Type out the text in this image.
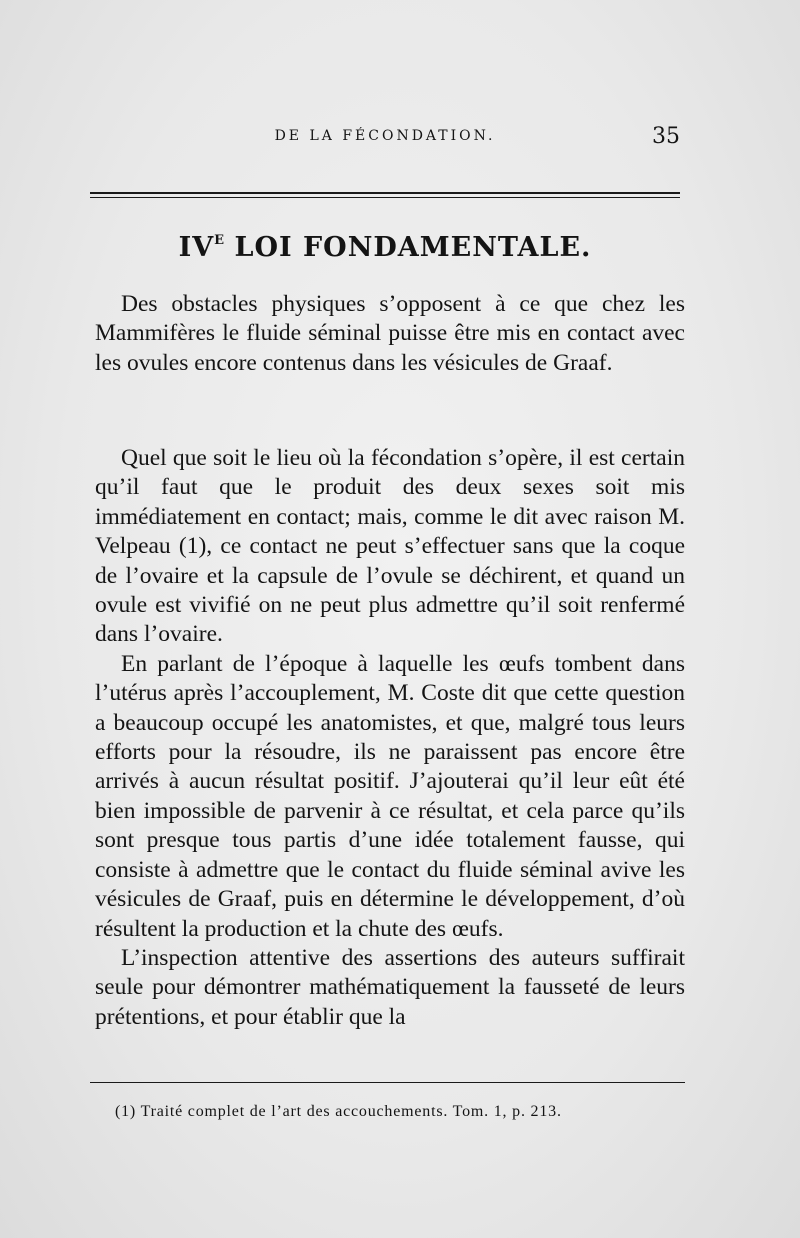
DE LA FÉCONDATION.	35
$IV^E$ LOI FONDAMENTALE.

Des obstacles physiques s’opposent à ce que chez les Mammifères le fluide séminal puisse être mis en contact avec les ovules encore contenus dans les vésicules de Graaf.

Quel que soit le lieu où la fécondation s’opère, il est certain qu’il faut que le produit des deux sexes soit mis immédiatement en contact; mais, comme le dit avec raison M. Velpeau (1), ce contact ne peut s’effectuer sans que la coque de l’ovaire et la capsule de l’ovule se déchirent, et quand un ovule est vivifié on ne peut plus admettre qu’il soit renfermé dans l’ovaire.

En parlant de l’époque à laquelle les œufs tombent dans l’utérus après l’accouplement, M. Coste dit que cette question a beaucoup occupé les anatomistes, et que, malgré tous leurs efforts pour la résoudre, ils ne paraissent pas encore être arrivés à aucun résultat positif. J’ajouterai qu’il leur eût été bien impossible de parvenir à ce résultat, et cela parce qu’ils sont presque tous partis d’une idée totalement fausse, qui consiste à admettre que le contact du fluide séminal avive les vésicules de Graaf, puis en détermine le développement, d’où résultent la production et la chute des œufs.

L’inspection attentive des assertions des auteurs suffirait seule pour démontrer mathématiquement la fausseté de leurs prétentions, et pour établir que la

(1) Traité complet de l’art des accouchements. Tom. 1, p. 213.
